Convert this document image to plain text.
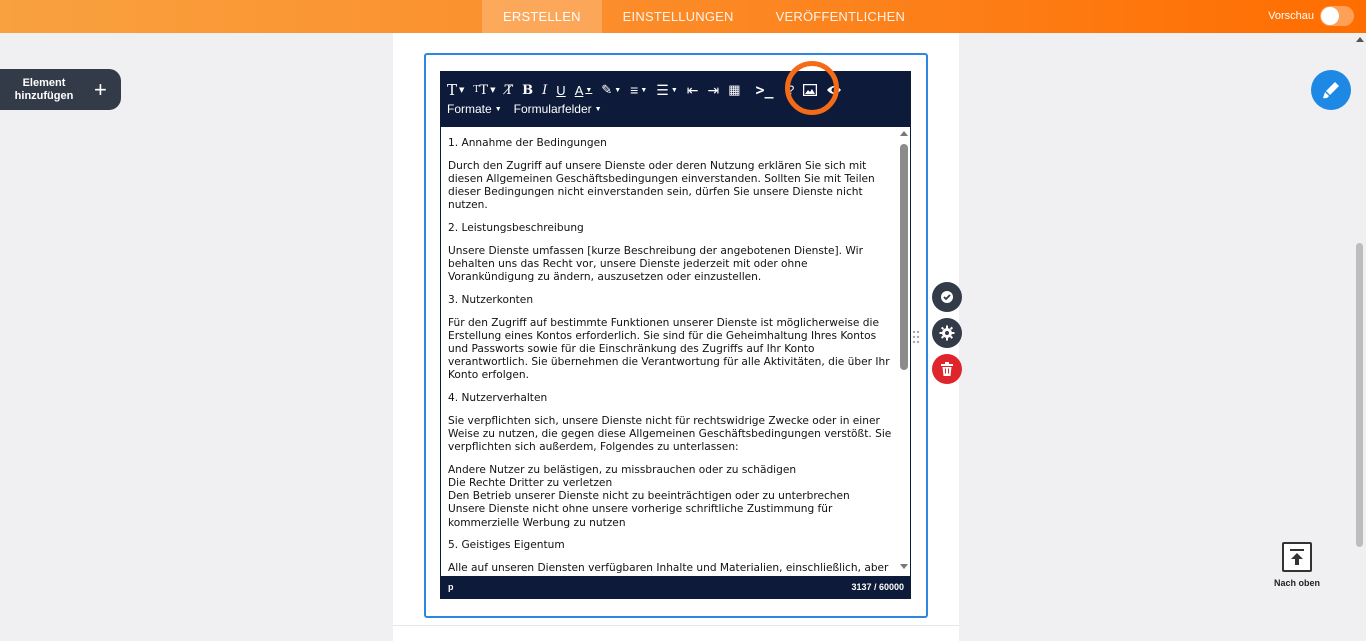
ERSTELLEN	EINSTELLUNGEN	VERÖFFENTLICHEN	Vorschau
Element
hinzufügen +	T ▼ T T ▼ T̸ B I U A ▼ ✎ ▼ ≡ ▼ ☰ ▼ ⇤ ⇥ ▦ >_ ?
Formate ▼ Formularfelder ▼

1. Annahme der Bedingungen

Durch den Zugriff auf unsere Dienste oder deren Nutzung erklären Sie sich mit diesen Allgemeinen Geschäftsbedingungen einverstanden. Sollten Sie mit Teilen dieser Bedingungen nicht einverstanden sein, dürfen Sie unsere Dienste nicht nutzen.

2. Leistungsbeschreibung

Unsere Dienste umfassen [kurze Beschreibung der angebotenen Dienste]. Wir behalten uns das Recht vor, unsere Dienste jederzeit mit oder ohne Vorankündigung zu ändern, auszusetzen oder einzustellen.

3. Nutzerkonten

Für den Zugriff auf bestimmte Funktionen unserer Dienste ist möglicherweise die Erstellung eines Kontos erforderlich. Sie sind für die Geheimhaltung Ihres Kontos und Passworts sowie für die Einschränkung des Zugriffs auf Ihr Konto verantwortlich. Sie übernehmen die Verantwortung für alle Aktivitäten, die über Ihr Konto erfolgen.

4. Nutzerverhalten

Sie verpflichten sich, unsere Dienste nicht für rechtswidrige Zwecke oder in einer Weise zu nutzen, die gegen diese Allgemeinen Geschäftsbedingungen verstößt. Sie verpflichten sich außerdem, Folgendes zu unterlassen:

Andere Nutzer zu belästigen, zu missbrauchen oder zu schädigen
Die Rechte Dritter zu verletzen
Den Betrieb unserer Dienste nicht zu beeinträchtigen oder zu unterbrechen
Unsere Dienste nicht ohne unsere vorherige schriftliche Zustimmung für kommerzielle Werbung zu nutzen

5. Geistiges Eigentum

Alle auf unseren Diensten verfügbaren Inhalte und Materialien, einschließlich, aber

p	3137 / 60000	Nach oben
